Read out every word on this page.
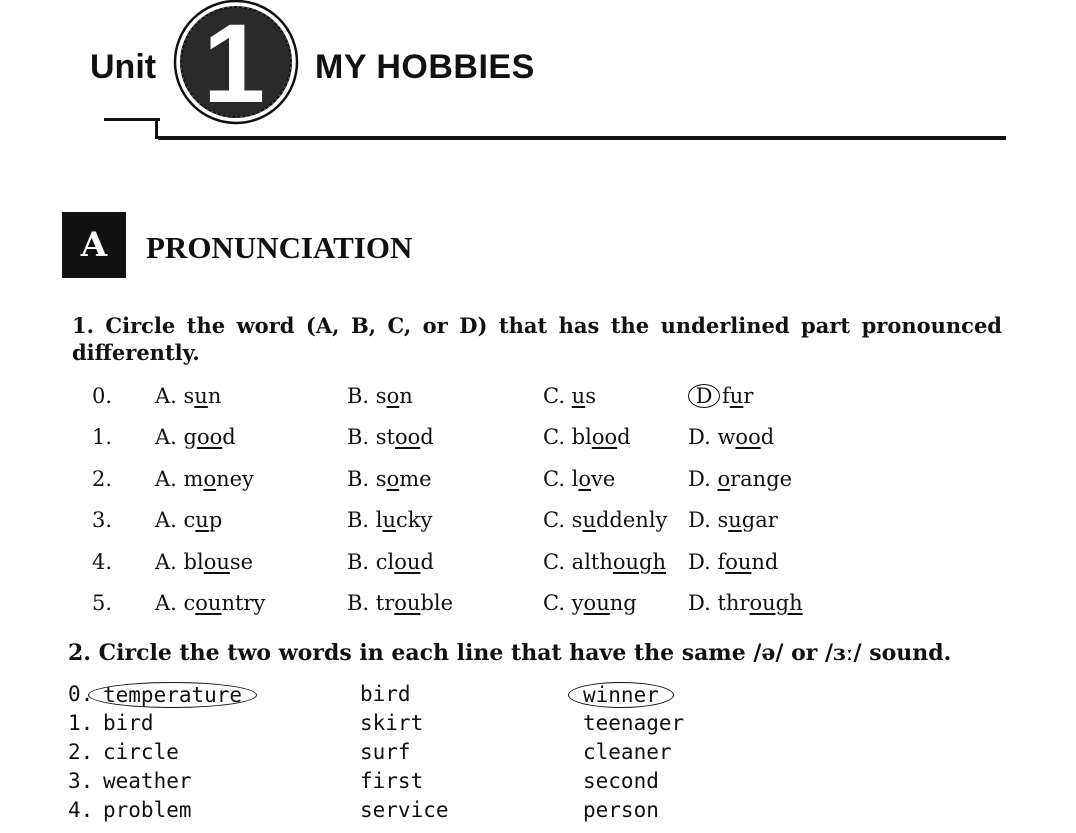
Unit 1 MY HOBBIES
A	PRONUNCIATION
1. Circle the word (A, B, C, or D) that has the underlined part pronounced differently.
0. A. sun	B. son	C. us	D fur
1. A. good	B. stood	C. blood	D. wood
2. A. money	B. some	C. love	D. orange
3. A. cup	B. lucky	C. suddenly D. sugar
4. A. blouse	B. cloud	C. although D. found
5. A. country	B. trouble	C. young D. through
2. Circle the two words in each line that have the same /ə/ or /ɜː/ sound.
0. temperature	bird	winner
1. bird	skirt	teenager
2. circle	surf	cleaner
3. weather	first	second
4. problem	service	person
